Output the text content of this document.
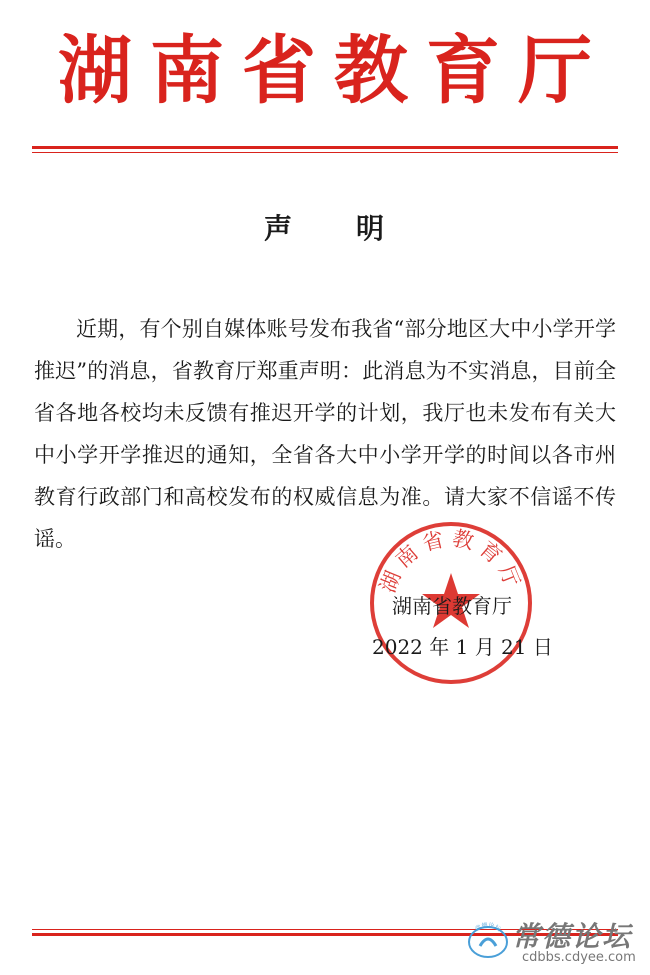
湖南省教育厅
声 明
近期，有个别自媒体账号发布我省“部分地区大中小学开学推迟”的消息，省教育厅郑重声明：此消息为不实消息，目前全省各地各校均未反馈有推迟开学的计划，我厅也未发布有关大中小学开学推迟的通知，全省各大中小学开学的时间以各市州教育行政部门和高校发布的权威信息为准。请大家不信谣不传谣。
湖南省教育厅
湖南省教育厅
2022 年 1 月 21 日
常德论坛 常德论坛
cdbbs.cdyee.com
